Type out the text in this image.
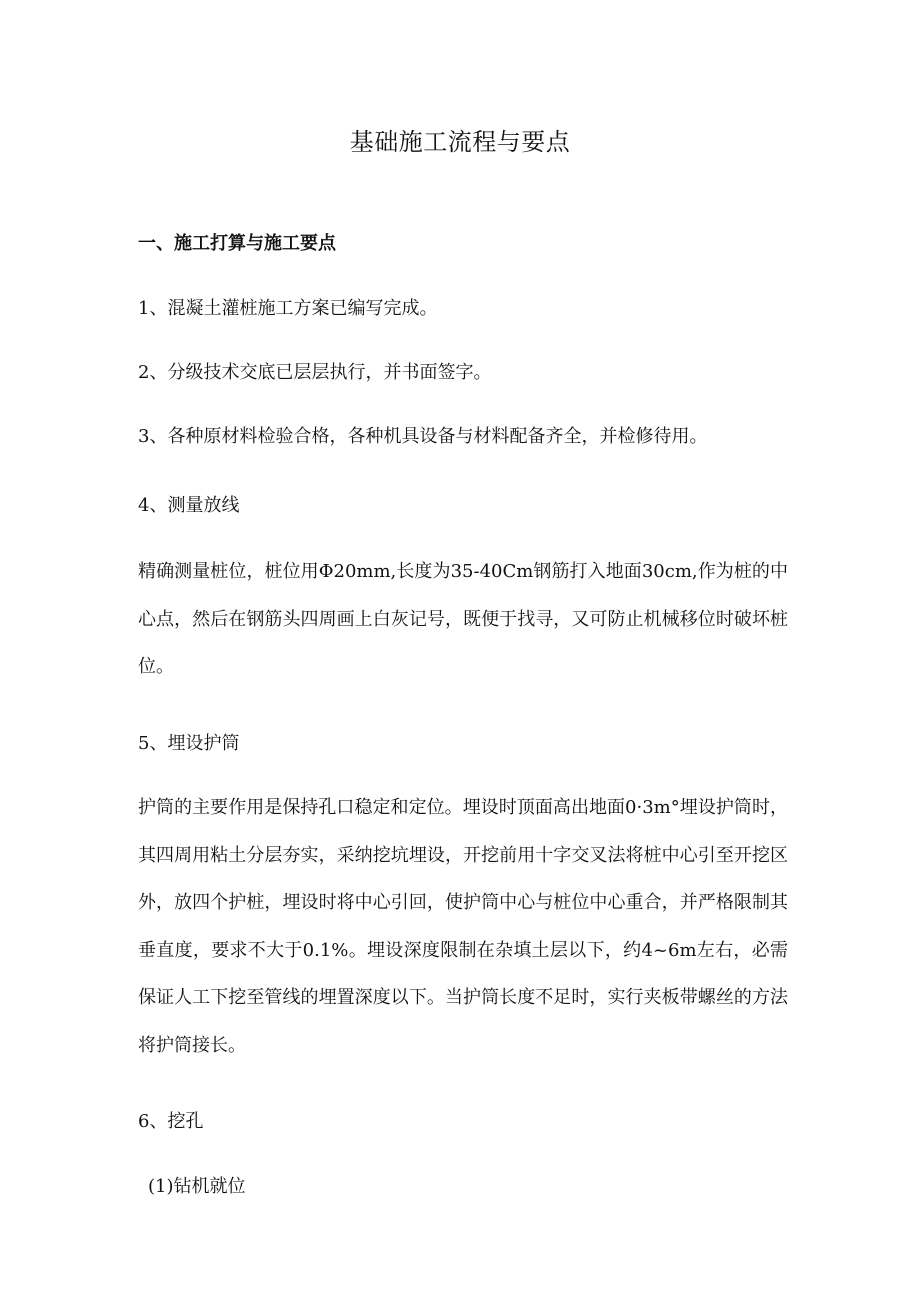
基础施工流程与要点
一、施工打算与施工要点
1、混凝土灌桩施工方案已编写完成。
2、分级技术交底已层层执行，并书面签字。
3、各种原材料检验合格，各种机具设备与材料配备齐全，并检修待用。
4、测量放线
精确测量桩位，桩位用Φ20mm,长度为35-40Cm钢筋打入地面30cm,作为桩的中心点，然后在钢筋头四周画上白灰记号，既便于找寻，又可防止机械移位时破坏桩位。
5、埋设护筒
护筒的主要作用是保持孔口稳定和定位。埋设时顶面高出地面0·3m°埋设护筒时，其四周用粘土分层夯实，采纳挖坑埋设，开挖前用十字交叉法将桩中心引至开挖区外，放四个护桩，埋设时将中心引回，使护筒中心与桩位中心重合，并严格限制其垂直度，要求不大于0.1%。埋设深度限制在杂填土层以下，约4~6m左右，必需保证人工下挖至管线的埋置深度以下。当护筒长度不足时，实行夹板带螺丝的方法将护筒接长。
6、挖孔
(1)钻机就位
